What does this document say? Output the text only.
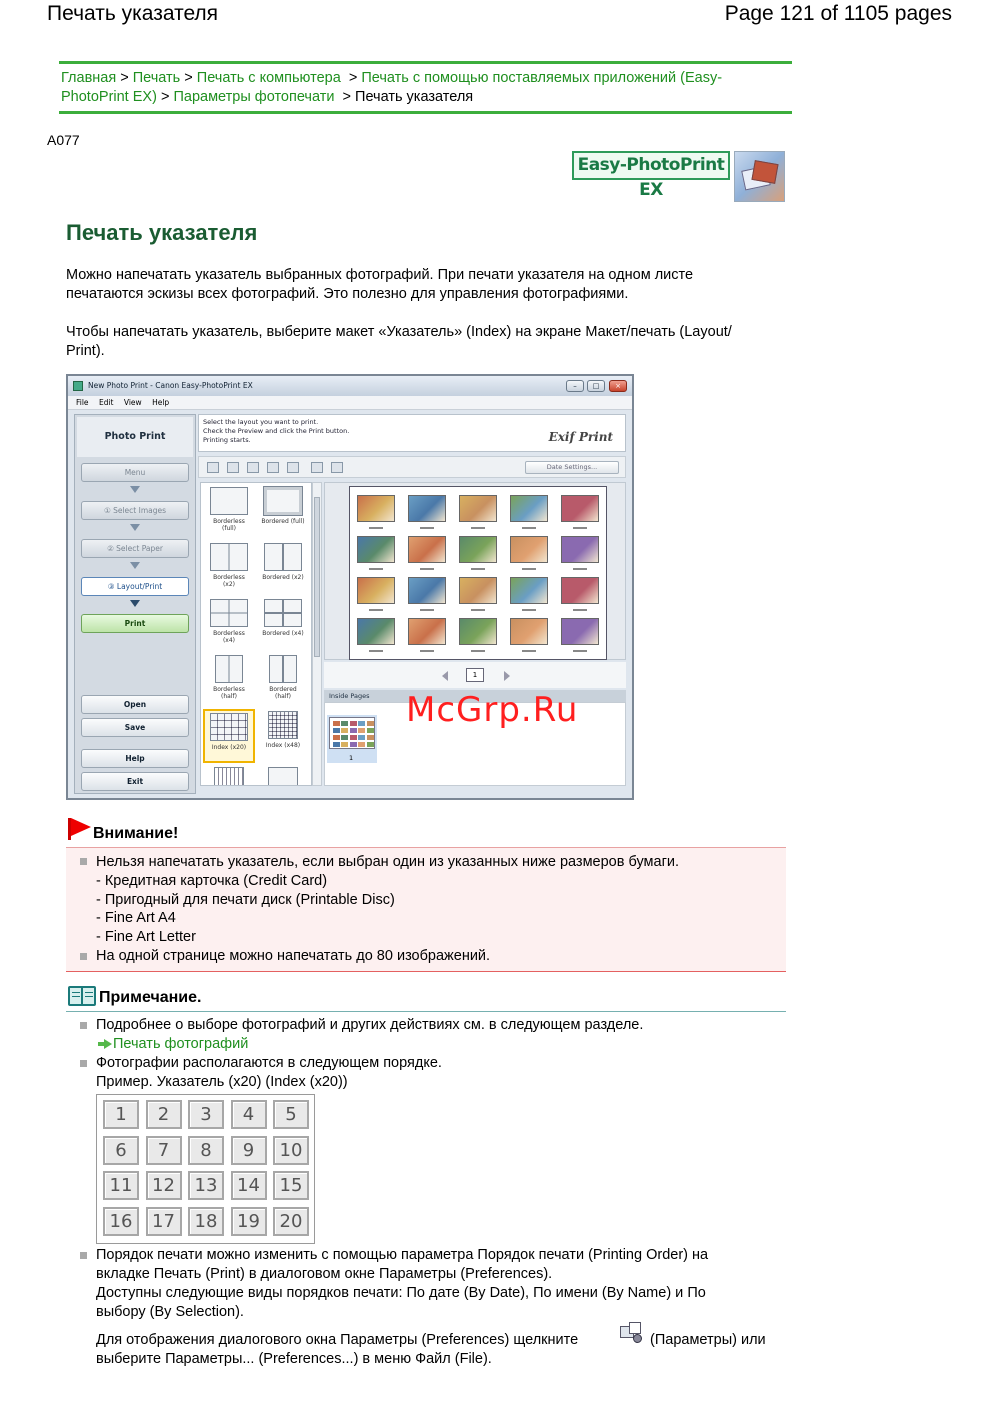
Печать указателя	Page 121 of 1105 pages
Главная > Печать > Печать с компьютера > Печать с помощью поставляемых приложений (Easy-
PhotoPrint EX) > Параметры фотопечати > Печать указателя
A077
Easy-PhotoPrint EX
Печать указателя
Можно напечатать указатель выбранных фотографий. При печати указателя на одном листе
печатаются эскизы всех фотографий. Это полезно для управления фотографиями.
Чтобы напечатать указатель, выберите макет «Указатель» (Index) на экране Макет/печать (Layout/
Print).
New Photo Print - Canon Easy-PhotoPrint EX	–	□	×
File Edit View Help
Photo Print
Menu
① Select Images
② Select Paper
③ Layout/Print
Print
Open
Save
Help
Exit
Select the layout you want to print.
Check the Preview and click the Print button.
Printing starts.	Exif Print
Date Settings...
Borderless
(full)
Bordered (full)
Borderless
(x2)
Bordered (x2)
Borderless
(x4)
Bordered (x4)
Borderless
(half)
Bordered
(half)
Index (x20)	Index (x48)
1
Inside Pages
1
McGrp.Ru
Внимание!
Нельзя напечатать указатель, если выбран один из указанных ниже размеров бумаги.
- Кредитная карточка (Credit Card)
- Пригодный для печати диск (Printable Disc)
- Fine Art A4
- Fine Art Letter
На одной странице можно напечатать до 80 изображений.
Примечание.
Подробнее о выборе фотографий и других действиях см. в следующем разделе.
Печать фотографий
Фотографии располагаются в следующем порядке.
Пример. Указатель (x20) (Index (x20))
1	2	3	4	5
6	7	8	9	10
11	12	13	14	15
16	17	18	19	20
Порядок печати можно изменить с помощью параметра Порядок печати (Printing Order) на
вкладке Печать (Print) в диалоговом окне Параметры (Preferences).
Доступны следующие виды порядков печати: По дате (By Date), По имени (By Name) и По
выбору (By Selection).
Для отображения диалогового окна Параметры (Preferences) щелкните	(Параметры) или
выберите Параметры... (Preferences...) в меню Файл (File).
